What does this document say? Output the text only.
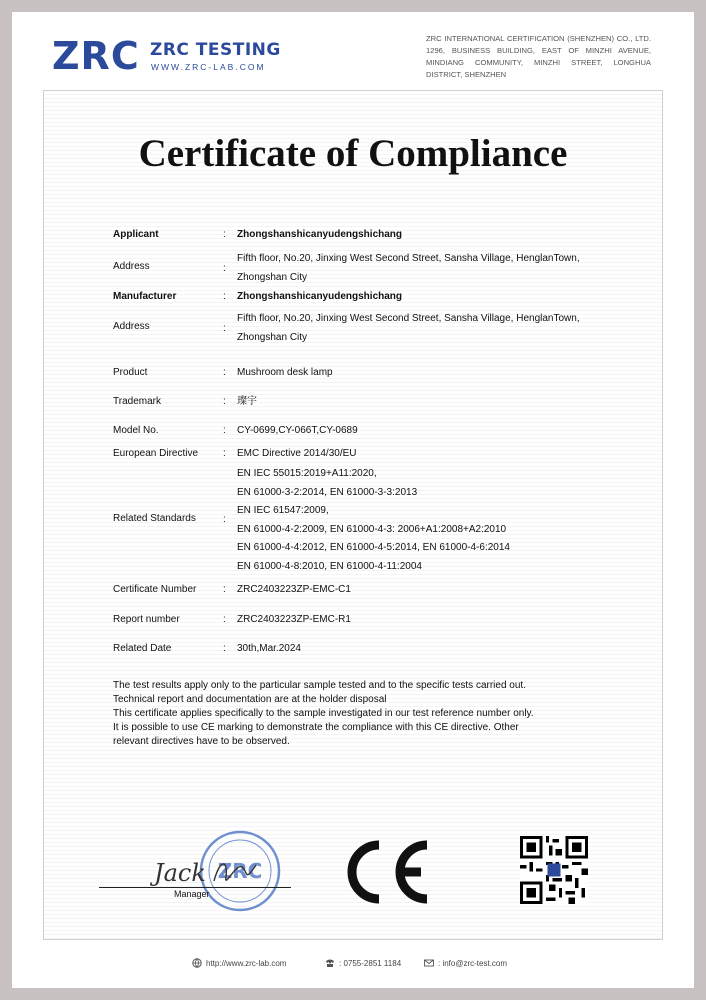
ZRC ZRC TESTING
WWW.ZRC-LAB.COM
ZRC INTERNATIONAL CERTIFICATION (SHENZHEN) CO., LTD. 1296, BUSINESS BUILDING, EAST OF MINZHI AVENUE, MINDIANG COMMUNITY, MINZHI STREET, LONGHUA DISTRICT, SHENZHEN
Certificate of Compliance
Applicant	: Zhongshanshicanyudengshichang
Address	:
Fifth floor, No.20, Jinxing West Second Street, Sansha Village, HenglanTown, Zhongshan City
Manufacturer	: Zhongshanshicanyudengshichang
Address	:
Fifth floor, No.20, Jinxing West Second Street, Sansha Village, HenglanTown, Zhongshan City
Product	: Mushroom desk lamp
Trademark	: 璨宇
Model No.	: CY-0699,CY-066T,CY-0689
European Directive : EMC Directive 2014/30/EU
Related Standards	:
EN IEC 55015:2019+A11:2020,
EN 61000-3-2:2014, EN 61000-3-3:2013
EN IEC 61547:2009,
EN 61000-4-2:2009, EN 61000-4-3: 2006+A1:2008+A2:2010
EN 61000-4-4:2012, EN 61000-4-5:2014, EN 61000-4-6:2014
EN 61000-4-8:2010, EN 61000-4-11:2004
Certificate Number	: ZRC2403223ZP-EMC-C1
Report number	: ZRC2403223ZP-EMC-R1
Related Date	: 30th,Mar.2024
The test results apply only to the particular sample tested and to the specific tests carried out.
Technical report and documentation are at the holder disposal
This certificate applies specifically to the sample investigated in our test reference number only.
It is possible to use CE marking to demonstrate the compliance with this CE directive. Other
relevant directives have to be observed.
ZRC
Jack
Manager
http://www.zrc-lab.com	: 0755-2851 1184	: info@zrc-test.com
